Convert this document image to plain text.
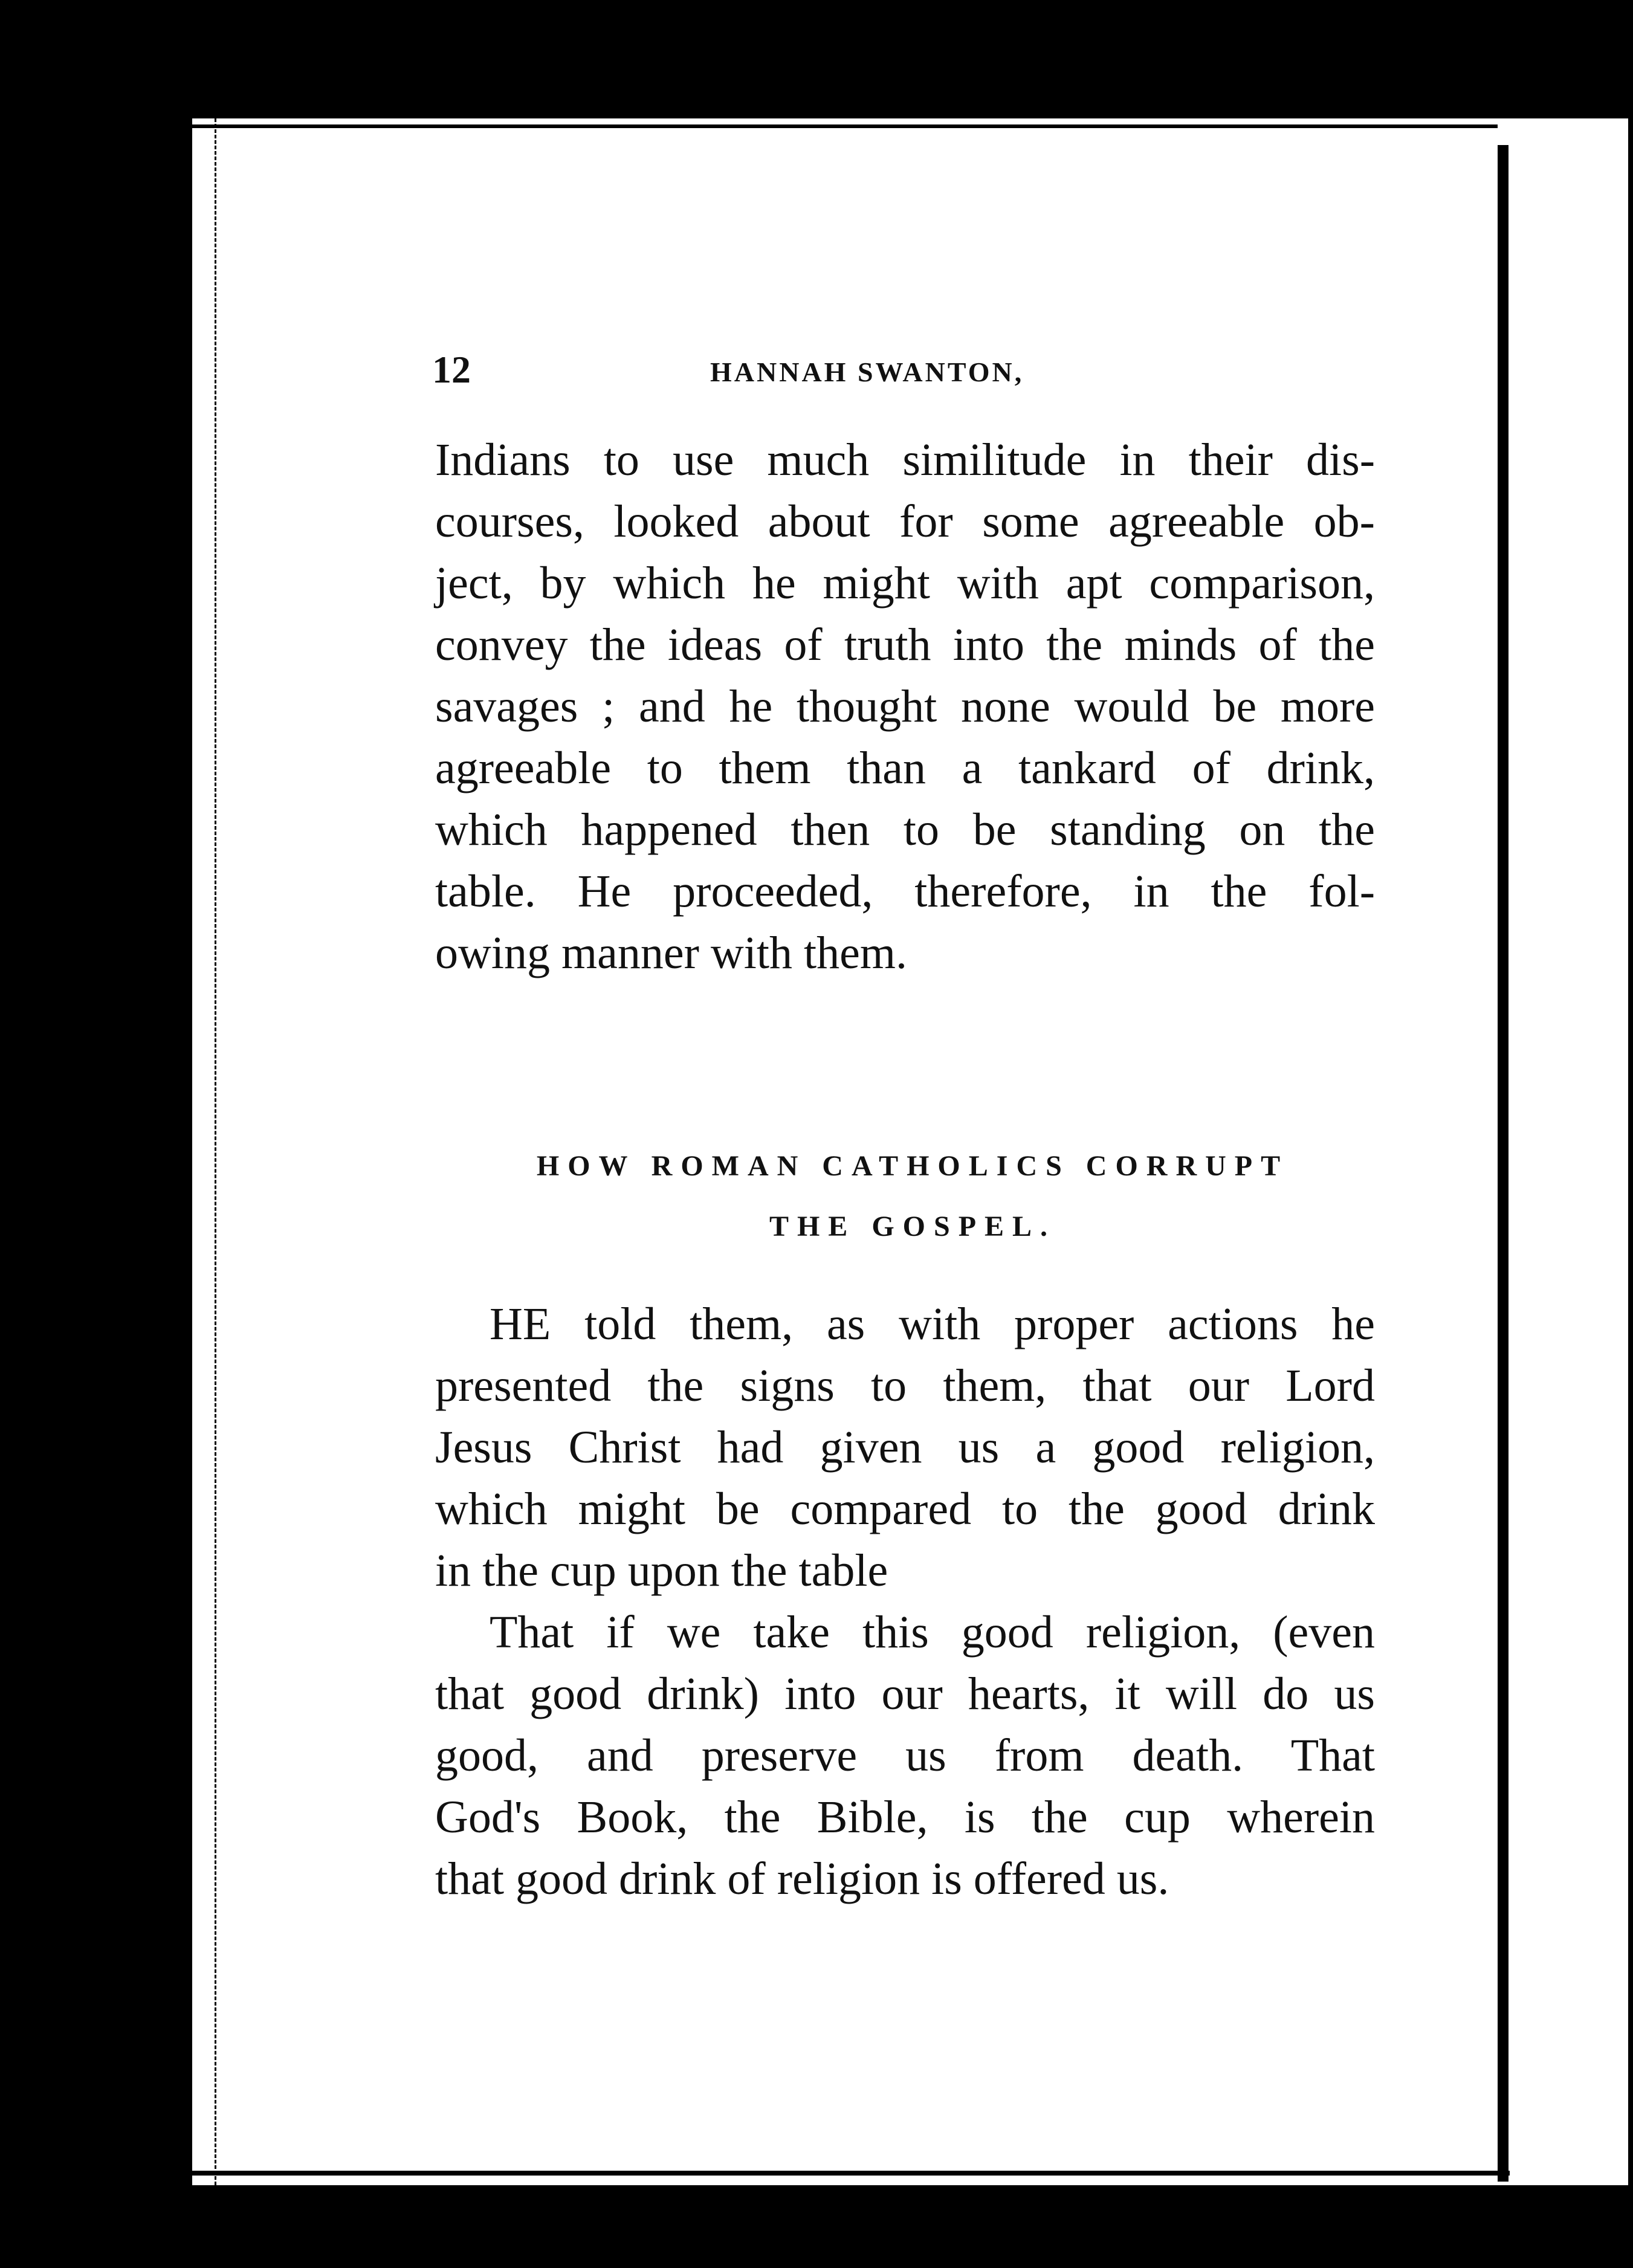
12	HANNAH SWANTON,
Indians to use much similitude in their dis-
courses, looked about for some agreeable ob-
ject, by which he might with apt comparison,
convey the ideas of truth into the minds of the
savages ; and he thought none would be more
agreeable to them than a tankard of drink,
which happened then to be standing on the
table. He proceeded, therefore, in the fol-
owing manner with them.
HOW ROMAN CATHOLICS CORRUPT
THE GOSPEL.
HE told them, as with proper actions he
presented the signs to them, that our Lord
Jesus Christ had given us a good religion,
which might be compared to the good drink
in the cup upon the table
That if we take this good religion, (even
that good drink) into our hearts, it will do us
good, and preserve us from death. That
God's Book, the Bible, is the cup wherein
that good drink of religion is offered us.
